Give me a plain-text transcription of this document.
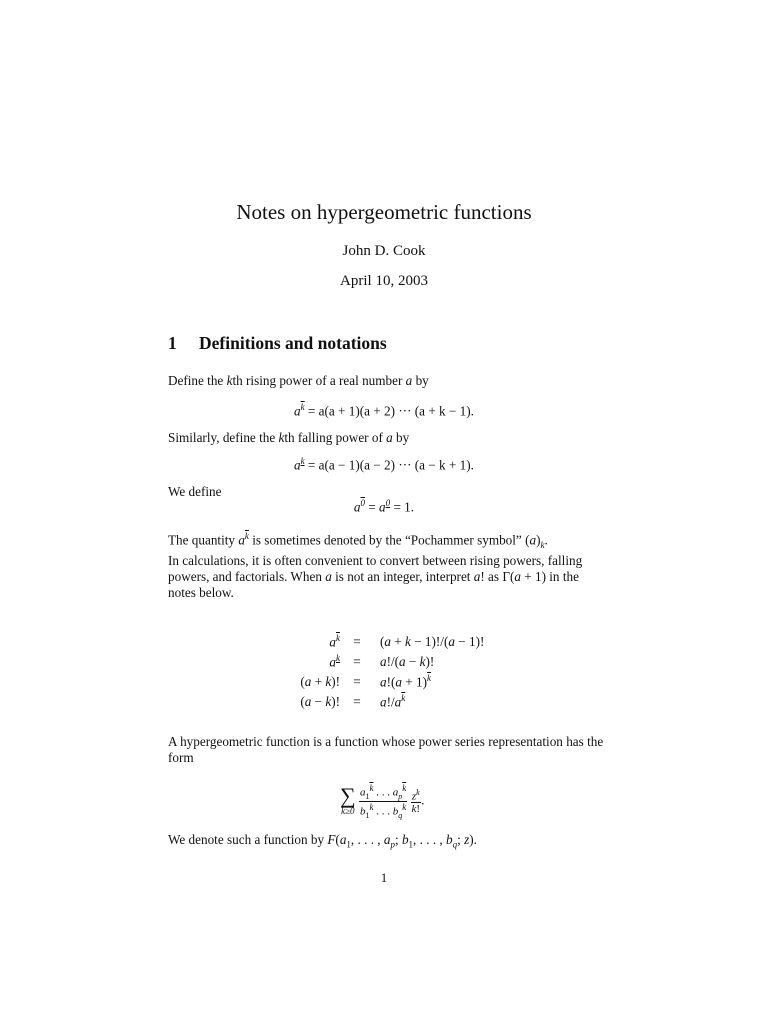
Notes on hypergeometric functions
John D. Cook
April 10, 2003
1 Definitions and notations
Define the kth rising power of a real number a by
$a^{\overline{k}} = a(a + 1)(a + 2)$ ··· (a + k − 1).
Similarly, define the kth falling power of a by
$a^k = a(a - 1)(a - 2)$ ··· (a − k + 1).
We define
$a^0 = a^0 = 1$.
The quantity $a^{\overline{k}}$ is sometimes denoted by the “Pochammer symbol” $(a)_k$.
In calculations, it is often convenient to convert between rising powers, falling powers, and factorials. When a is not an integer, interpret a! as Γ(a + 1) in the notes below.
$a^{\overline{k}}$	=	(a + k − 1)!/(a − 1)!
$a^k$	=	a!/(a − k)!
(a + k)!	=	$a!(a + 1)^{\overline{k}}$
(a − k)!	=	$a!/a^{\overline{k}}$
A hypergeometric function is a function whose power series representation has the form
∑
k≥0
$\frac{a_1^{\overline{k}} . . . a_p^{\overline{k}}}{b_1^{\overline{k}} . . . b_q^{\overline{k}}}$
$\frac{z^k}{k!}$ .
We denote such a function by $F(a_1$, . . . , $a_p$; $b_1$, . . . , $b_q$; z).
1
